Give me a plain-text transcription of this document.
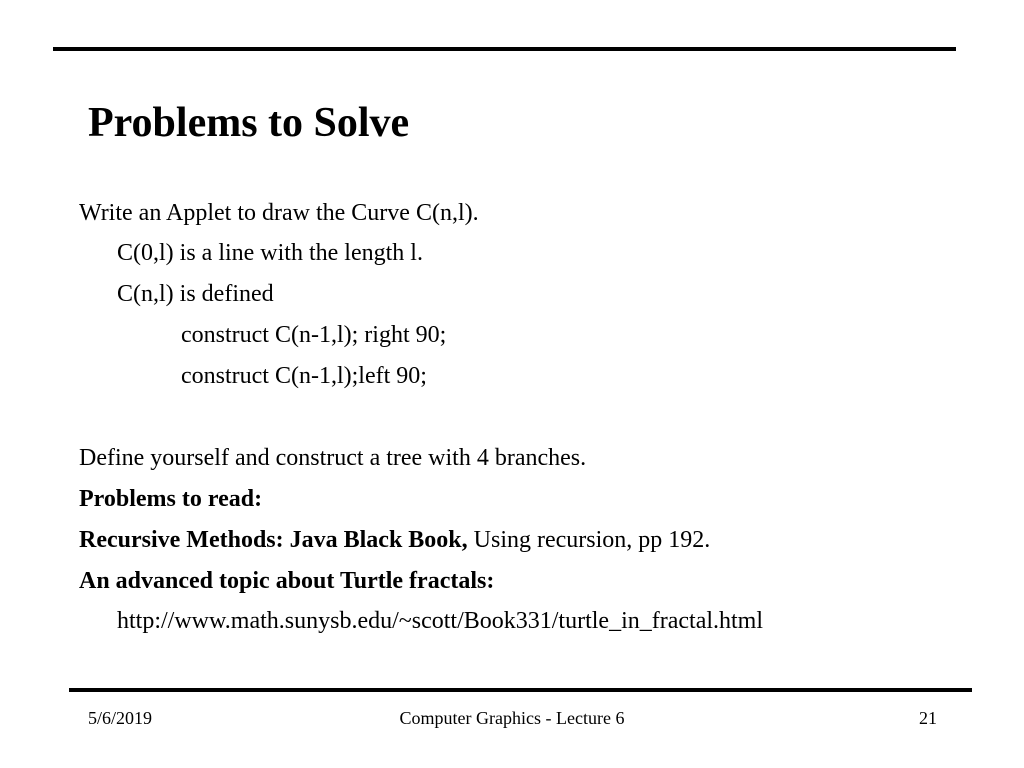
Problems to Solve
Write an Applet to draw the Curve C(n,l).
C(0,l) is a line with the length l.
C(n,l) is defined
construct C(n-1,l); right 90;
construct C(n-1,l);left 90;
Define yourself and construct a tree with 4 branches.
Problems to read:
Recursive Methods: Java Black Book, Using recursion, pp 192.
An advanced topic about Turtle fractals:
http://www.math.sunysb.edu/~scott/Book331/turtle_in_fractal.html
5/6/2019	Computer Graphics - Lecture 6	21
